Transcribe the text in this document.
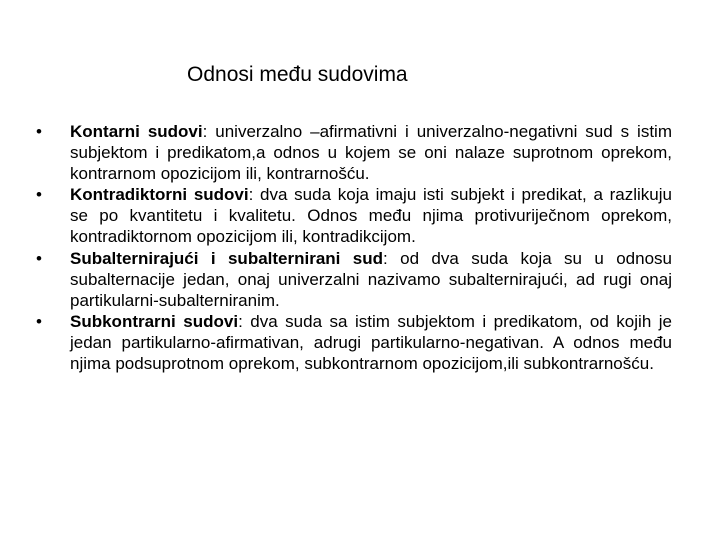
Odnosi među sudovima
•	Kontarni sudovi: univerzalno –afirmativni i univerzalno-negativni sud s istim subjektom i predikatom,a odnos u kojem se oni nalaze suprotnom oprekom, kontrarnom opozicijom ili, kontrarnošću.
•	Kontradiktorni sudovi: dva suda koja imaju isti subjekt i predikat, a razlikuju se po kvantitetu i kvalitetu. Odnos među njima protivuriječnom oprekom, kontradiktornom opozicijom ili, kontradikcijom.
•	Subalternirajući i subalternirani sud: od dva suda koja su u odnosu subalternacije jedan, onaj univerzalni nazivamo subalternirajući, ad rugi onaj partikularni-subalterniranim.
•	Subkontrarni sudovi: dva suda sa istim subjektom i predikatom, od kojih je jedan partikularno-afirmativan, adrugi partikularno-negativan. A odnos među njima podsuprotnom oprekom, subkontrarnom opozicijom,ili subkontrarnošću.
